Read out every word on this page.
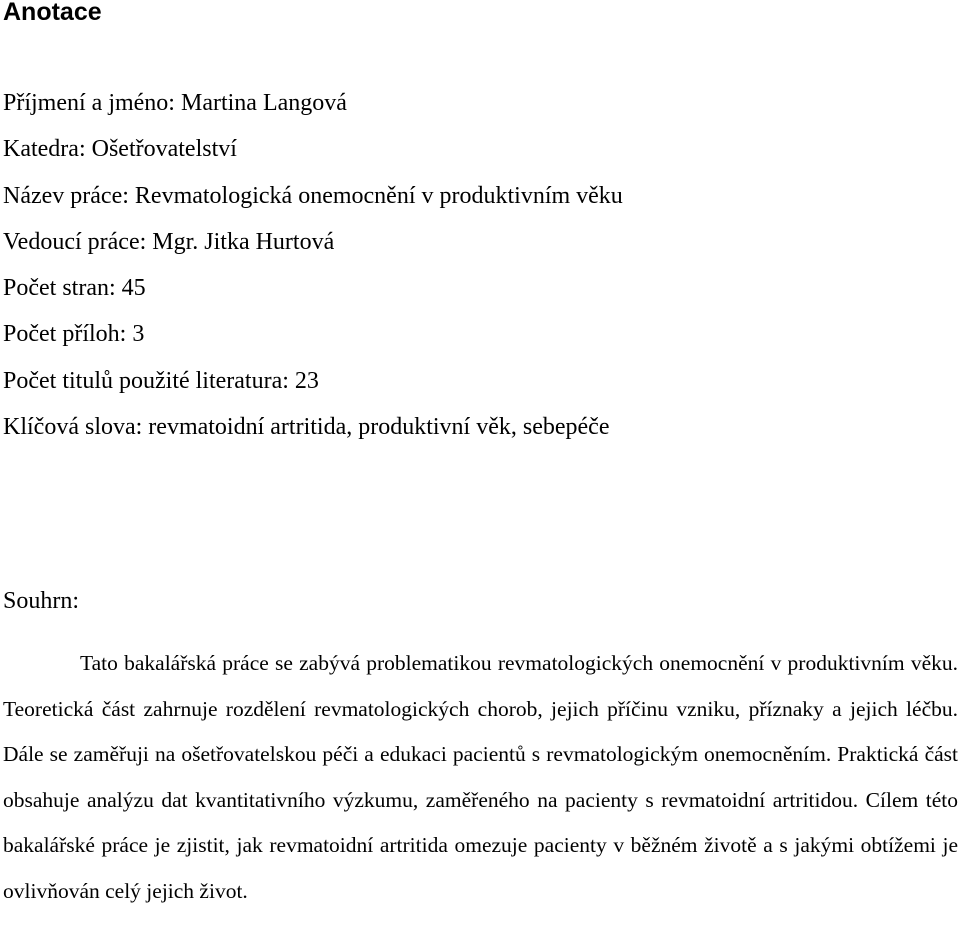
Anotace
Příjmení a jméno: Martina Langová
Katedra: Ošetřovatelství
Název práce: Revmatologická onemocnění v produktivním věku
Vedoucí práce: Mgr. Jitka Hurtová
Počet stran: 45
Počet příloh: 3
Počet titulů použité literatura: 23
Klíčová slova: revmatoidní artritida, produktivní věk, sebepéče

Souhrn:

Tato bakalářská práce se zabývá problematikou revmatologických onemocnění v produktivním věku. Teoretická část zahrnuje rozdělení revmatologických chorob, jejich příčinu vzniku, příznaky a jejich léčbu. Dále se zaměřuji na ošetřovatelskou péči a edukaci pacientů s revmatologickým onemocněním. Praktická část obsahuje analýzu dat kvantitativního výzkumu, zaměřeného na pacienty s revmatoidní artritidou. Cílem této bakalářské práce je zjistit, jak revmatoidní artritida omezuje pacienty v běžném životě a s jakými obtížemi je ovlivňován celý jejich život.
